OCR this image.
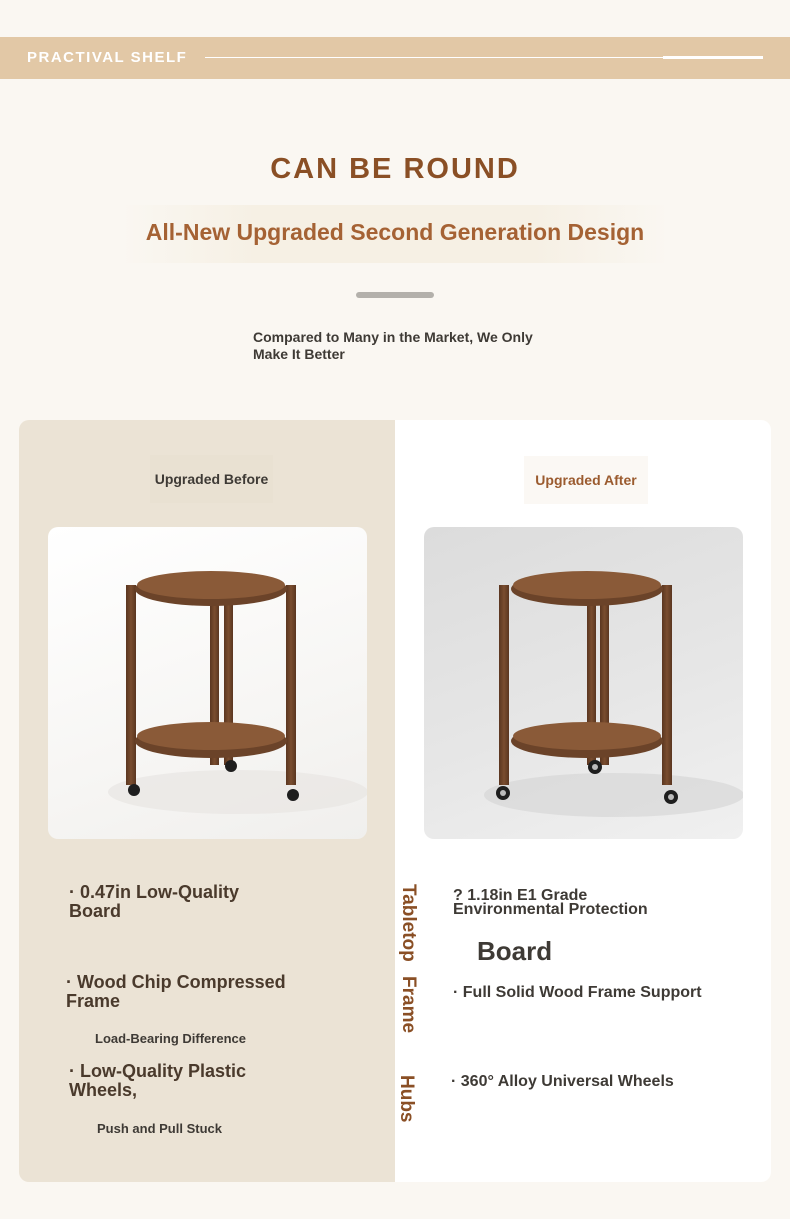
PRACTIVAL SHELF
CAN BE ROUND
All-New Upgraded Second Generation Design
Compared to Many in the Market, We Only
Make It Better
Upgraded Before	Upgraded After
· 0.47in Low-Quality
Board
· Wood Chip Compressed
Frame
Load-Bearing Difference
· Low-Quality Plastic
Wheels,
Push and Pull Stuck
Tabletop
Frame
Hubs
? 1.18in E1 Grade
Environmental Protection
Board
· Full Solid Wood Frame Support
· 360° Alloy Universal Wheels
